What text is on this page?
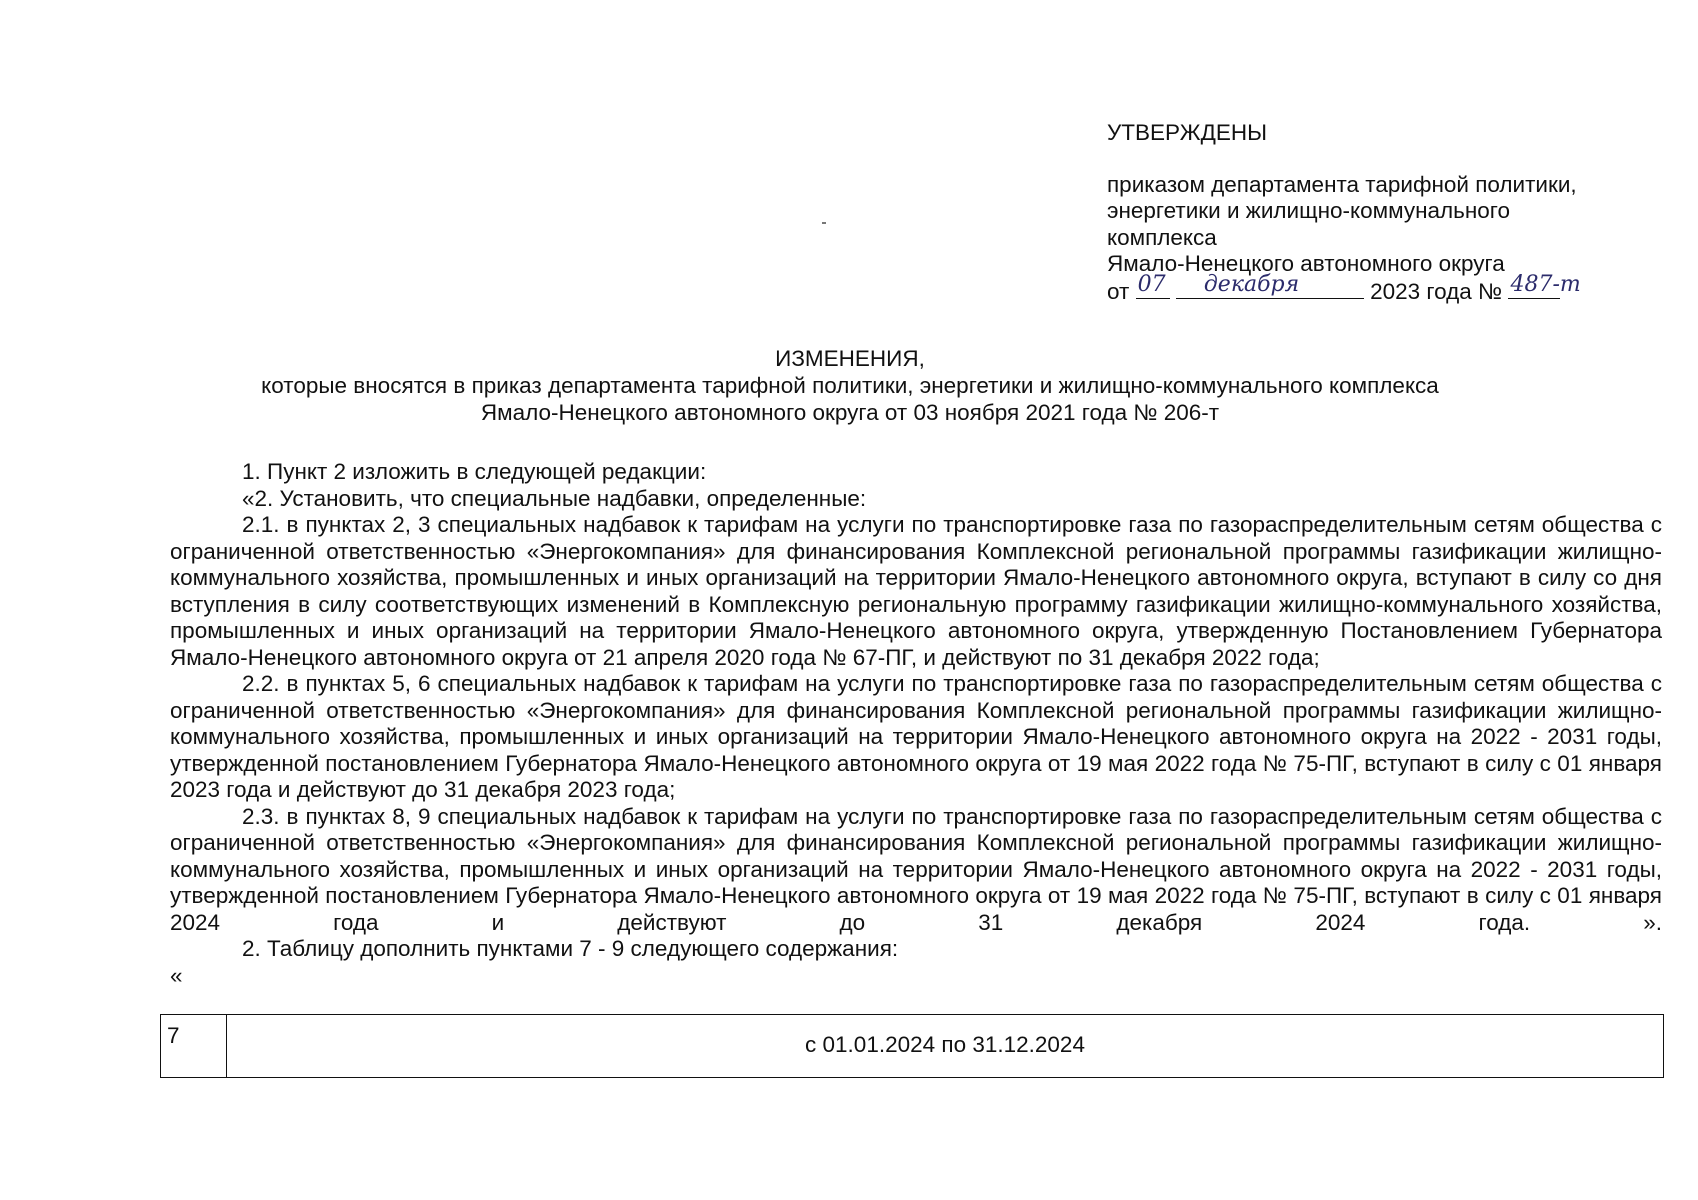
УТВЕРЖДЕНЫ
приказом департамента тарифной политики,
энергетики и жилищно-коммунального
комплекса
Ямало-Ненецкого автономного округа
от 07
декабря	2023 года № 487-т
ИЗМЕНЕНИЯ,
которые вносятся в приказ департамента тарифной политики, энергетики и жилищно-коммунального комплекса
Ямало-Ненецкого автономного округа от 03 ноября 2021 года № 206-т

1. Пункт 2 изложить в следующей редакции:

«2. Установить, что специальные надбавки, определенные:

2.1. в пунктах 2, 3 специальных надбавок к тарифам на услуги по транспортировке газа по газораспределительным сетям общества с ограниченной ответственностью «Энергокомпания» для финансирования Комплексной региональной программы газификации жилищно-коммунального хозяйства, промышленных и иных организаций на территории Ямало-Ненецкого автономного округа, вступают в силу со дня вступления в силу соответствующих изменений в Комплексную региональную программу газификации жилищно-коммунального хозяйства, промышленных и иных организаций на территории Ямало-Ненецкого автономного округа, утвержденную Постановлением Губернатора Ямало-Ненецкого автономного округа от 21 апреля 2020 года № 67-ПГ, и действуют по 31 декабря 2022 года;

2.2. в пунктах 5, 6 специальных надбавок к тарифам на услуги по транспортировке газа по газораспределительным сетям общества с ограниченной ответственностью «Энергокомпания» для финансирования Комплексной региональной программы газификации жилищно-коммунального хозяйства, промышленных и иных организаций на территории Ямало-Ненецкого автономного округа на 2022 - 2031 годы, утвержденной постановлением Губернатора Ямало-Ненецкого автономного округа от 19 мая 2022 года № 75-ПГ, вступают в силу с 01 января 2023 года и действуют до 31 декабря 2023 года;

2.3. в пунктах 8, 9 специальных надбавок к тарифам на услуги по транспортировке газа по газораспределительным сетям общества с ограниченной ответственностью «Энергокомпания» для финансирования Комплексной региональной программы газификации жилищно-коммунального хозяйства, промышленных и иных организаций на территории Ямало-Ненецкого автономного округа на 2022 - 2031 годы, утвержденной постановлением Губернатора Ямало-Ненецкого автономного округа от 19 мая 2022 года № 75-ПГ, вступают в силу с 01 января 2024 года и действуют до 31 декабря 2024 года.	».

2. Таблицу дополнить пунктами 7 - 9 следующего содержания:

«

7	с 01.01.2024 по 31.12.2024
